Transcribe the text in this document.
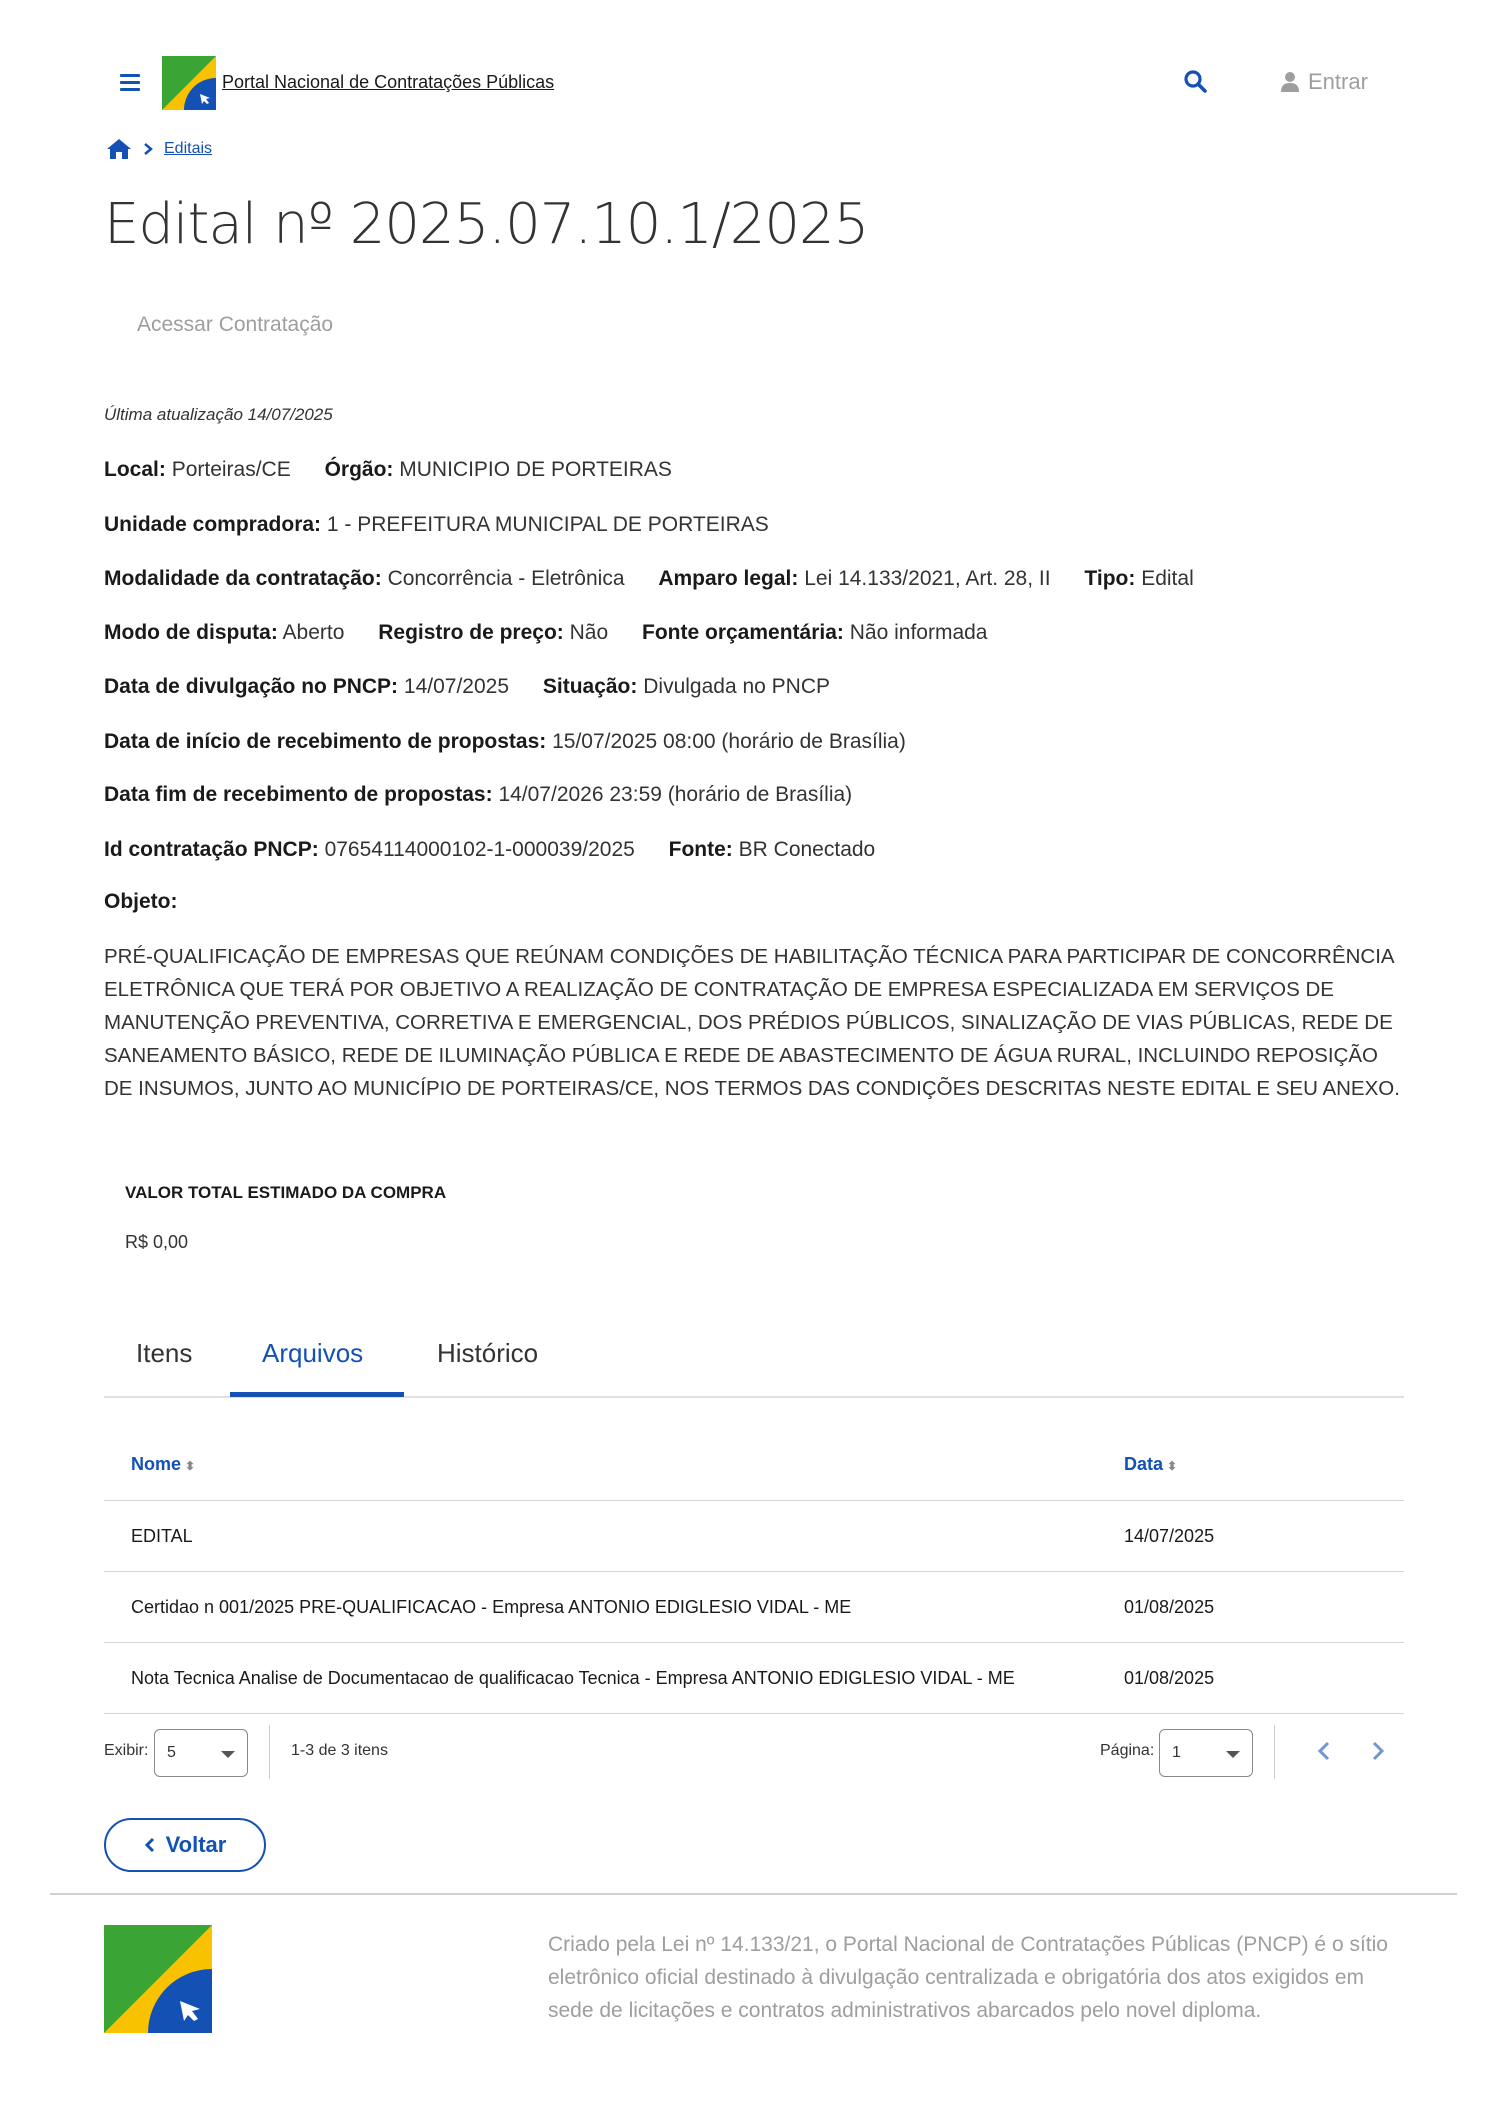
Portal Nacional de Contratações Públicas	Entrar
Editais
Edital nº 2025.07.10.1/2025
Acessar Contratação
Última atualização 14/07/2025
Local: Porteiras/CE Órgão: MUNICIPIO DE PORTEIRAS
Unidade compradora: 1 - PREFEITURA MUNICIPAL DE PORTEIRAS
Modalidade da contratação: Concorrência - Eletrônica Amparo legal: Lei 14.133/2021, Art. 28, II Tipo: Edital
Modo de disputa: Aberto Registro de preço: Não Fonte orçamentária: Não informada
Data de divulgação no PNCP: 14/07/2025 Situação: Divulgada no PNCP
Data de início de recebimento de propostas: 15/07/2025 08:00 (horário de Brasília)
Data fim de recebimento de propostas: 14/07/2026 23:59 (horário de Brasília)
Id contratação PNCP: 07654114000102-1-000039/2025 Fonte: BR Conectado
Objeto:
PRÉ-QUALIFICAÇÃO DE EMPRESAS QUE REÚNAM CONDIÇÕES DE HABILITAÇÃO TÉCNICA PARA PARTICIPAR DE CONCORRÊNCIA ELETRÔNICA QUE TERÁ POR OBJETIVO A REALIZAÇÃO DE CONTRATAÇÃO DE EMPRESA ESPECIALIZADA EM SERVIÇOS DE MANUTENÇÃO PREVENTIVA, CORRETIVA E EMERGENCIAL, DOS PRÉDIOS PÚBLICOS, SINALIZAÇÃO DE VIAS PÚBLICAS, REDE DE SANEAMENTO BÁSICO, REDE DE ILUMINAÇÃO PÚBLICA E REDE DE ABASTECIMENTO DE ÁGUA RURAL, INCLUINDO REPOSIÇÃO DE INSUMOS, JUNTO AO MUNICÍPIO DE PORTEIRAS/CE, NOS TERMOS DAS CONDIÇÕES DESCRITAS NESTE EDITAL E SEU ANEXO.
VALOR TOTAL ESTIMADO DA COMPRA
R$ 0,00
Itens	Arquivos	Histórico
Nome ⬍	Data ⬍
EDITAL	14/07/2025
Certidao n 001/2025 PRE-QUALIFICACAO - Empresa ANTONIO EDIGLESIO VIDAL - ME	01/08/2025
Nota Tecnica Analise de Documentacao de qualificacao Tecnica - Empresa ANTONIO EDIGLESIO VIDAL - ME	01/08/2025
Exibir:	5	1-3 de 3 itens	Página:	1
Voltar
Criado pela Lei nº 14.133/21, o Portal Nacional de Contratações Públicas (PNCP) é o sítio eletrônico oficial destinado à divulgação centralizada e obrigatória dos atos exigidos em sede de licitações e contratos administrativos abarcados pelo novel diploma.
